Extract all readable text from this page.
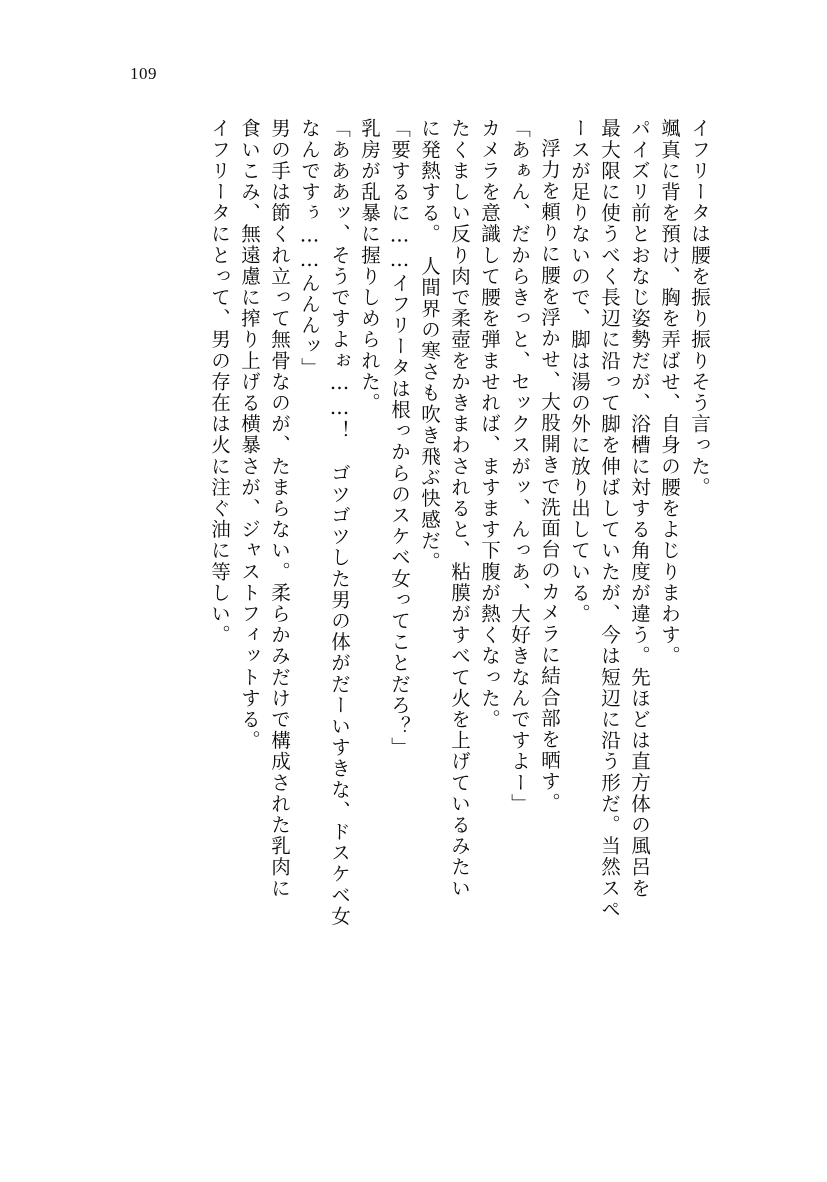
109
イフリータは腰を振り振りそう言った。
颯真に背を預け、胸を弄ばせ、自身の腰をよじりまわす。
パイズリ前とおなじ姿勢だが、浴槽に対する角度が違う。先ほどは直方体の風呂を
最大限に使うべく長辺に沿って脚を伸ばしていたが、今は短辺に沿う形だ。当然スペ
ースが足りないので、脚は湯の外に放り出している。
浮力を頼りに腰を浮かせ、大股開きで洗面台のカメラに結合部を晒す。
「あぁん、だからきっと、セックスがッ、んっあ、大好きなんですよー」
カメラを意識して腰を弾ませれば、ますます下腹が熱くなった。
たくましい反り肉で柔壺をかきまわされると、粘膜がすべて火を上げているみたい
に発熱する。　人間界の寒さも吹き飛ぶ快感だ。
「要するに……イフリータは根っからのスケベ女ってことだろ？」
乳房が乱暴に握りしめられた。
「あああッ、そうですよぉ……！　ゴツゴツした男の体がだーいすきな、ドスケベ女
なんですぅ……んんんッ」
男の手は節くれ立って無骨なのが、たまらない。柔らかみだけで構成された乳肉に
食いこみ、無遠慮に搾り上げる横暴さが、ジャストフィットする。
イフリータにとって、男の存在は火に注ぐ油に等しい。
